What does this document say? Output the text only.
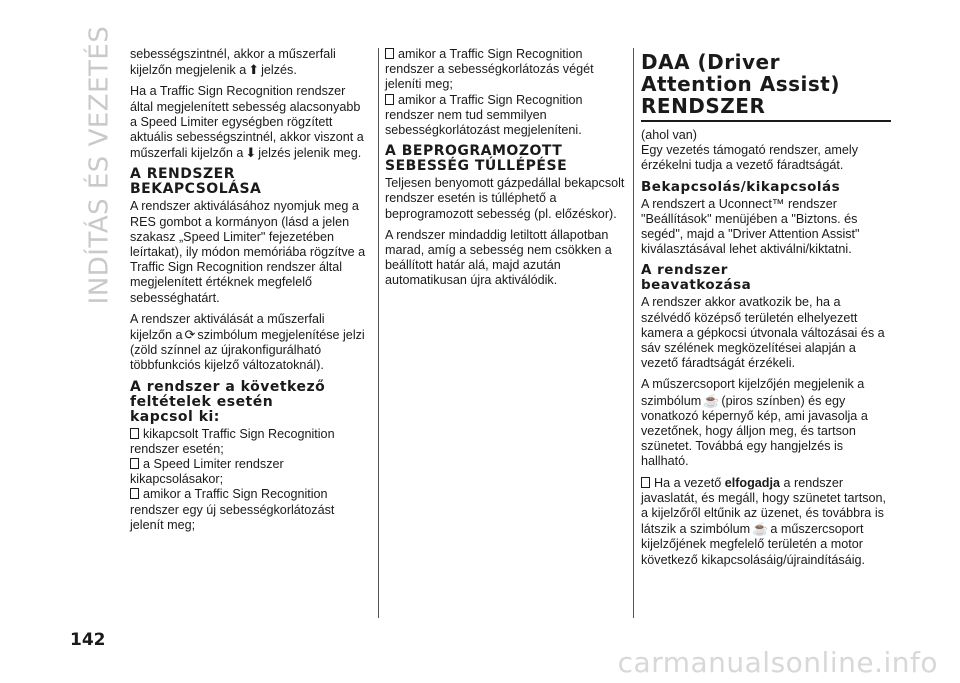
INDÍTÁS ÉS VEZETÉS sebességszintnél, akkor a műszerfali kijelzőn megjelenik a ⬆ jelzés.

Ha a Traffic Sign Recognition rendszer által megjelenített sebesség alacsonyabb a Speed Limiter egységben rögzített aktuális sebességszintnél, akkor viszont a műszerfali kijelzőn a ⬇ jelzés jelenik meg.

A RENDSZER
BEKAPCSOLÁSA

A rendszer aktiválásához nyomjuk meg a RES gombot a kormányon (lásd a jelen szakasz „Speed Limiter" fejezetében leírtakat), ily módon memóriába rögzítve a Traffic Sign Recognition rendszer által megjelenített értéknek megfelelő sebességhatárt.

A rendszer aktiválását a műszerfali kijelzőn a ⟳ szimbólum megjelenítése jelzi (zöld színnel az újrakonfigurálható többfunkciós kijelző változatoknál).

A rendszer a következő
feltételek esetén
kapcsol ki:

kikapcsolt Traffic Sign Recognition rendszer esetén;

a Speed Limiter rendszer kikapcsolásakor;

amikor a Traffic Sign Recognition rendszer egy új sebességkorlátozást jelenít meg;

amikor a Traffic Sign Recognition rendszer a sebességkorlátozás végét jeleníti meg;

amikor a Traffic Sign Recognition rendszer nem tud semmilyen sebességkorlátozást megjeleníteni.

A BEPROGRAMOZOTT
SEBESSÉG TÚLLÉPÉSE

Teljesen benyomott gázpedállal bekapcsolt rendszer esetén is túlléphető a beprogramozott sebesség (pl. előzéskor).

A rendszer mindaddig letiltott állapotban marad, amíg a sebesség nem csökken a beállított határ alá, majd azután automatikusan újra aktiválódik.

DAA (Driver
Attention Assist)
RENDSZER

(ahol van)

Egy vezetés támogató rendszer, amely érzékelni tudja a vezető fáradtságát.

Bekapcsolás/kikapcsolás

A rendszert a Uconnect™ rendszer "Beállítások" menüjében a "Biztons. és segéd", majd a "Driver Attention Assist" kiválasztásával lehet aktiválni/kiktatni.

A rendszer
beavatkozása

A rendszer akkor avatkozik be, ha a szélvédő középső területén elhelyezett kamera a gépkocsi útvonala változásai és a sáv szélének megközelítései alapján a vezető fáradtságát érzékeli.

A műszercsoport kijelzőjén megjelenik a szimbólum ☕ (piros színben) és egy vonatkozó képernyő kép, ami javasolja a vezetőnek, hogy álljon meg, és tartson szünetet. Továbbá egy hangjelzés is hallható.

Ha a vezető elfogadja a rendszer javaslatát, és megáll, hogy szünetet tartson, a kijelzőről eltűnik az üzenet, és továbbra is látszik a szimbólum ☕ a műszercsoport kijelzőjének megfelelő területén a motor következő kikapcsolásáig/újraindításáig.

142
carmanualsonline.info
